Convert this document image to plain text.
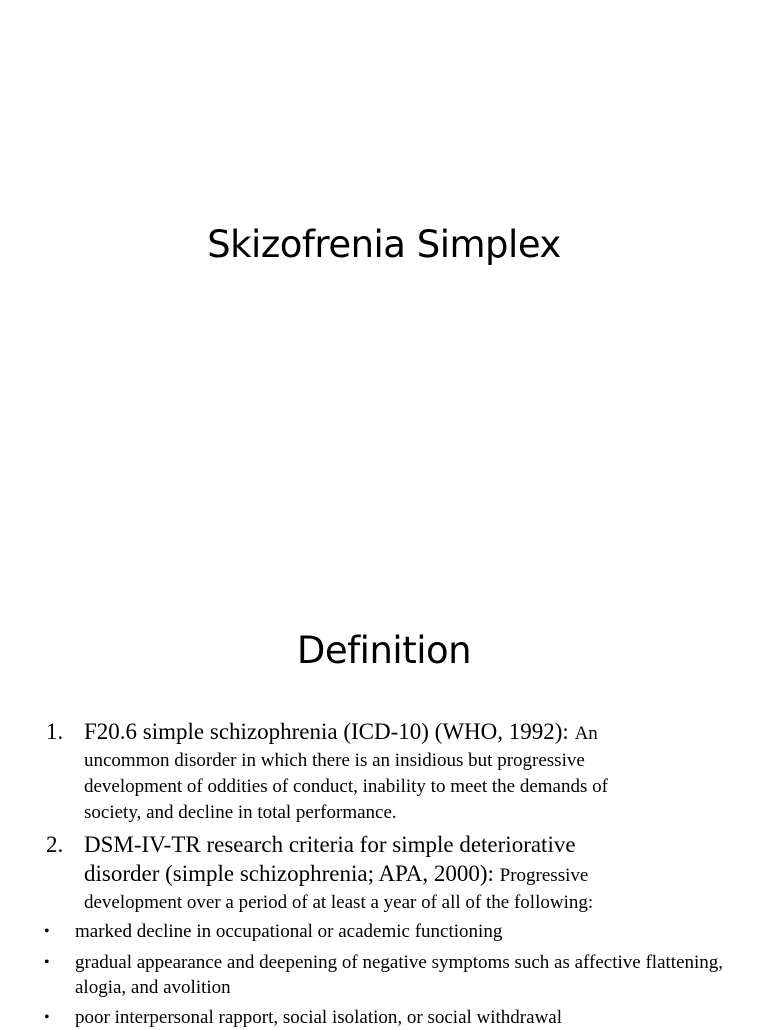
Skizofrenia Simplex
Definition
1. F20.6 simple schizophrenia (ICD-10) (WHO, 1992): An
uncommon disorder in which there is an insidious but progressive
development of oddities of conduct, inability to meet the demands of
society, and decline in total performance.
2. DSM-IV-TR research criteria for simple deteriorative
disorder (simple schizophrenia; APA, 2000): Progressive
development over a period of at least a year of all of the following:
• marked decline in occupational or academic functioning
• gradual appearance and deepening of negative symptoms such as affective flattening, alogia, and avolition
• poor interpersonal rapport, social isolation, or social withdrawal
